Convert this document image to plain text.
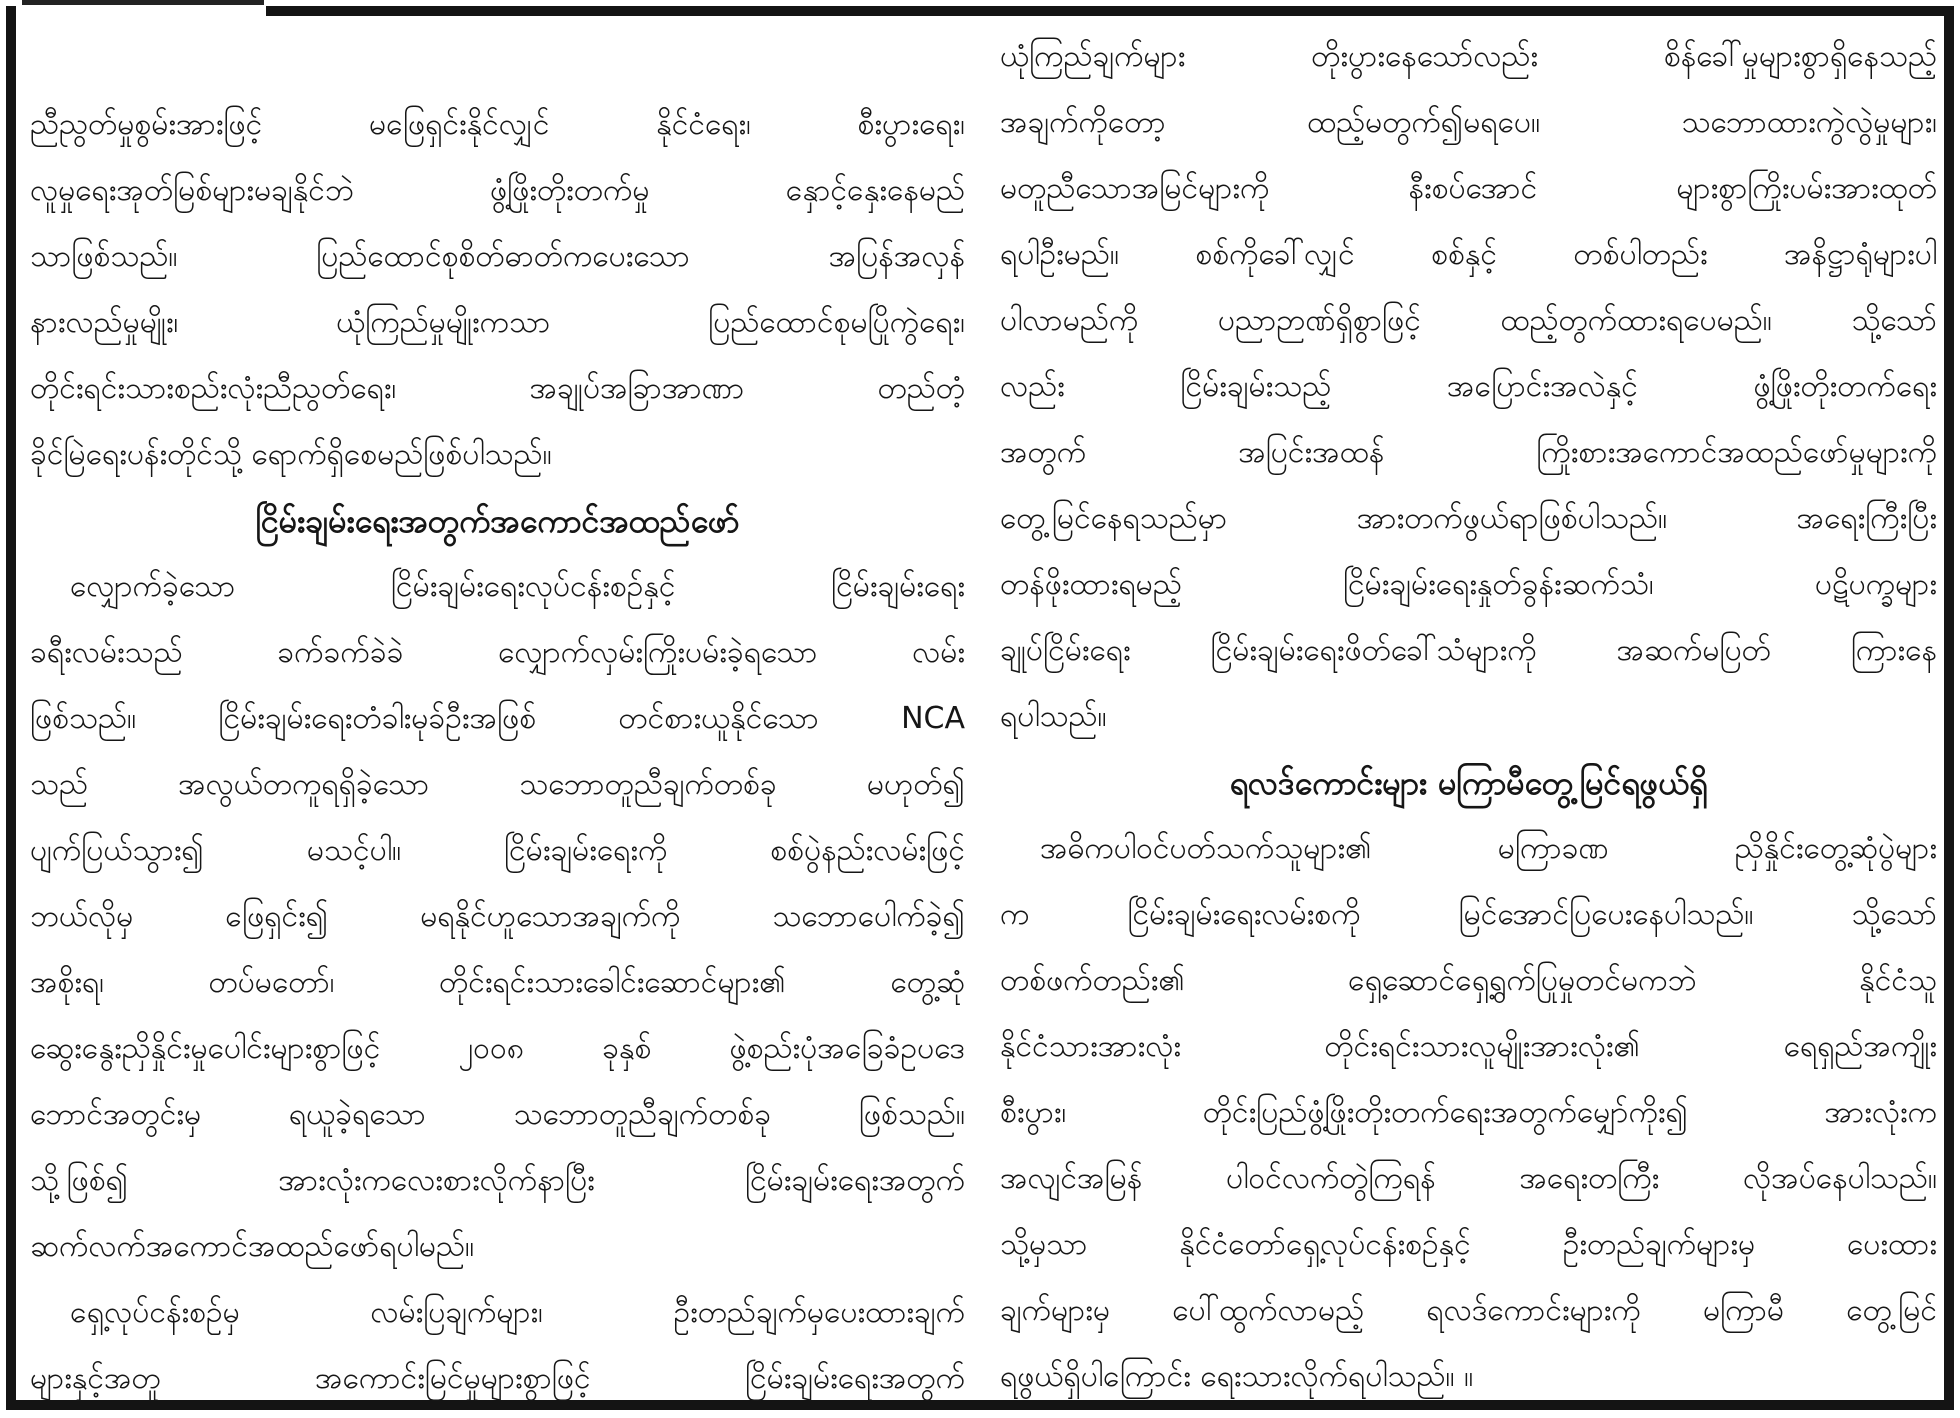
ညီညွတ်မှုစွမ်းအားဖြင့် မဖြေရှင်းနိုင်လျှင် နိုင်ငံရေး၊ စီးပွားရေး၊
လူမှုရေးအုတ်မြစ်များမချနိုင်ဘဲ ဖွံ့ဖြိုးတိုးတက်မှု နှောင့်နှေးနေမည်
သာဖြစ်သည်။ ပြည်ထောင်စုစိတ်ဓာတ်ကပေးသော အပြန်အလှန်
နားလည်မှုမျိုး၊ ယုံကြည်မှုမျိုးကသာ ပြည်ထောင်စုမပြိုကွဲရေး၊
တိုင်းရင်းသားစည်းလုံးညီညွတ်ရေး၊ အချုပ်အခြာအာဏာ တည်တံ့
ခိုင်မြဲရေးပန်းတိုင်သို့ ရောက်ရှိစေမည်ဖြစ်ပါသည်။
ငြိမ်းချမ်းရေးအတွက်အကောင်အထည်ဖော်
လျှောက်ခဲ့သော ငြိမ်းချမ်းရေးလုပ်ငန်းစဉ်နှင့် ငြိမ်းချမ်းရေး
ခရီးလမ်းသည် ခက်ခက်ခဲခဲ လျှောက်လှမ်းကြိုးပမ်းခဲ့ရသော လမ်း
ဖြစ်သည်။ ငြိမ်းချမ်းရေးတံခါးမုခ်ဦးအဖြစ် တင်စားယူနိုင်သော NCA
သည် အလွယ်တကူရရှိခဲ့သော သဘောတူညီချက်တစ်ခု မဟုတ်၍
ပျက်ပြယ်သွား၍ မသင့်ပါ။ ငြိမ်းချမ်းရေးကို စစ်ပွဲနည်းလမ်းဖြင့်
ဘယ်လိုမှ ဖြေရှင်း၍ မရနိုင်ဟူသောအချက်ကို သဘောပေါက်ခဲ့၍
အစိုးရ၊ တပ်မတော်၊ တိုင်းရင်းသားခေါင်းဆောင်များ၏ တွေ့ဆုံ
ဆွေးနွေးညှိနှိုင်းမှုပေါင်းများစွာဖြင့် ၂၀၀၈ ခုနှစ် ဖွဲ့စည်းပုံအခြေခံဥပဒေ
ဘောင်အတွင်းမှ ရယူခဲ့ရသော သဘောတူညီချက်တစ်ခု ဖြစ်သည်။
သို့ဖြစ်၍ အားလုံးကလေးစားလိုက်နာပြီး ငြိမ်းချမ်းရေးအတွက်
ဆက်လက်အကောင်အထည်ဖော်ရပါမည်။
ရှေ့လုပ်ငန်းစဉ်မှ လမ်းပြချက်များ၊ ဦးတည်ချက်မှပေးထားချက်
များနှင့်အတူ အကောင်းမြင်မှုများစွာဖြင့် ငြိမ်းချမ်းရေးအတွက်
ယုံကြည်ချက်များ တိုးပွားနေသော်လည်း စိန်ခေါ်မှုများစွာရှိနေသည့်
အချက်ကိုတော့ ထည့်မတွက်၍မရပေ။ သဘောထားကွဲလွဲမှုများ၊
မတူညီသောအမြင်များကို နီးစပ်အောင် များစွာကြိုးပမ်းအားထုတ်
ရပါဦးမည်။ စစ်ကိုခေါ်လျှင် စစ်နှင့် တစ်ပါတည်း အနိဋ္ဌာရုံများပါ
ပါလာမည်ကို ပညာဉာဏ်ရှိစွာဖြင့် ထည့်တွက်ထားရပေမည်။ သို့သော်
လည်း ငြိမ်းချမ်းသည့် အပြောင်းအလဲနှင့် ဖွံ့ဖြိုးတိုးတက်ရေး
အတွက် အပြင်းအထန် ကြိုးစားအကောင်အထည်ဖော်မှုများကို
တွေ့မြင်နေရသည်မှာ အားတက်ဖွယ်ရာဖြစ်ပါသည်။ အရေးကြီးပြီး
တန်ဖိုးထားရမည့် ငြိမ်းချမ်းရေးနှုတ်ခွန်းဆက်သံ၊ ပဋိပက္ခများ
ချုပ်ငြိမ်းရေး ငြိမ်းချမ်းရေးဖိတ်ခေါ်သံများကို အဆက်မပြတ် ကြားနေ
ရပါသည်။
ရလဒ်ကောင်းများ မကြာမီတွေ့မြင်ရဖွယ်ရှိ
အဓိကပါဝင်ပတ်သက်သူများ၏ မကြာခဏ ညှိနှိုင်းတွေ့ဆုံပွဲများ
က ငြိမ်းချမ်းရေးလမ်းစကို မြင်အောင်ပြပေးနေပါသည်။ သို့သော်
တစ်ဖက်တည်း၏ ရှေ့ဆောင်ရှေ့ရွက်ပြုမှုတင်မကဘဲ နိုင်ငံသူ
နိုင်ငံသားအားလုံး တိုင်းရင်းသားလူမျိုးအားလုံး၏ ရေရှည်အကျိုး
စီးပွား၊ တိုင်းပြည်ဖွံ့ဖြိုးတိုးတက်ရေးအတွက်မျှော်ကိုး၍ အားလုံးက
အလျင်အမြန် ပါဝင်လက်တွဲကြရန် အရေးတကြီး လိုအပ်နေပါသည်။
သို့မှသာ နိုင်ငံတော်ရှေ့လုပ်ငန်းစဉ်နှင့် ဦးတည်ချက်များမှ ပေးထား
ချက်များမှ ပေါ်ထွက်လာမည့် ရလဒ်ကောင်းများကို မကြာမီ တွေ့မြင်
ရဖွယ်ရှိပါကြောင်း ရေးသားလိုက်ရပါသည်။ ။
